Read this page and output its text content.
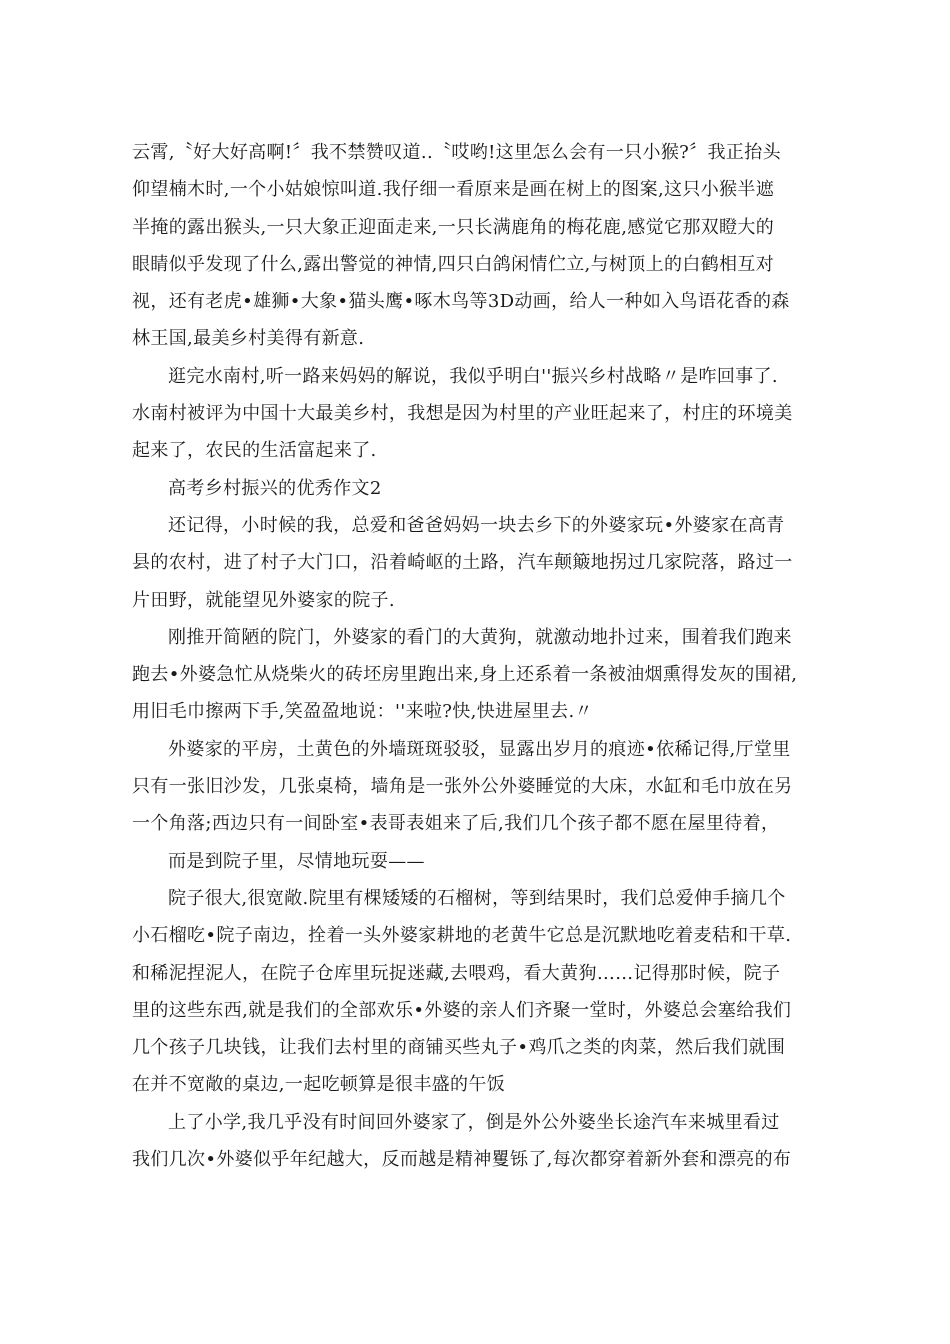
云霄,〝好大好高啊!〞我不禁赞叹道..〝哎哟!这里怎么会有一只小猴?〞我正抬头
仰望楠木时,一个小姑娘惊叫道.我仔细一看原来是画在树上的图案,这只小猴半遮
半掩的露出猴头,一只大象正迎面走来,一只长满鹿角的梅花鹿,感觉它那双瞪大的
眼睛似乎发现了什么,露出警觉的神情,四只白鸽闲情伫立,与树顶上的白鹤相互对
视，还有老虎•雄狮•大象•猫头鹰•啄木鸟等3D动画，给人一种如入鸟语花香的森
林王国,最美乡村美得有新意.
逛完水南村,听一路来妈妈的解说，我似乎明白''振兴乡村战略〃是咋回事了.
水南村被评为中国十大最美乡村，我想是因为村里的产业旺起来了，村庄的环境美
起来了，农民的生活富起来了.
高考乡村振兴的优秀作文2
还记得，小时候的我，总爱和爸爸妈妈一块去乡下的外婆家玩•外婆家在高青
县的农村，进了村子大门口，沿着崎岖的土路，汽车颠簸地拐过几家院落，路过一
片田野，就能望见外婆家的院子.
刚推开简陋的院门，外婆家的看门的大黄狗，就激动地扑过来，围着我们跑来
跑去•外婆急忙从烧柴火的砖坯房里跑出来,身上还系着一条被油烟熏得发灰的围裙,
用旧毛巾擦两下手,笑盈盈地说：''来啦?快,快进屋里去.〃
外婆家的平房，土黄色的外墙斑斑驳驳，显露出岁月的痕迹•依稀记得,厅堂里
只有一张旧沙发，几张桌椅，墙角是一张外公外婆睡觉的大床，水缸和毛巾放在另
一个角落;西边只有一间卧室•表哥表姐来了后,我们几个孩子都不愿在屋里待着，
而是到院子里，尽情地玩耍——
院子很大,很宽敞.院里有棵矮矮的石榴树，等到结果时，我们总爱伸手摘几个
小石榴吃•院子南边，拴着一头外婆家耕地的老黄牛它总是沉默地吃着麦秸和干草.
和稀泥捏泥人，在院子仓库里玩捉迷藏,去喂鸡，看大黄狗……记得那时候，院子
里的这些东西,就是我们的全部欢乐•外婆的亲人们齐聚一堂时，外婆总会塞给我们
几个孩子几块钱，让我们去村里的商铺买些丸子•鸡爪之类的肉菜，然后我们就围
在并不宽敞的桌边,一起吃顿算是很丰盛的午饭
上了小学,我几乎没有时间回外婆家了，倒是外公外婆坐长途汽车来城里看过
我们几次•外婆似乎年纪越大，反而越是精神矍铄了,每次都穿着新外套和漂亮的布
